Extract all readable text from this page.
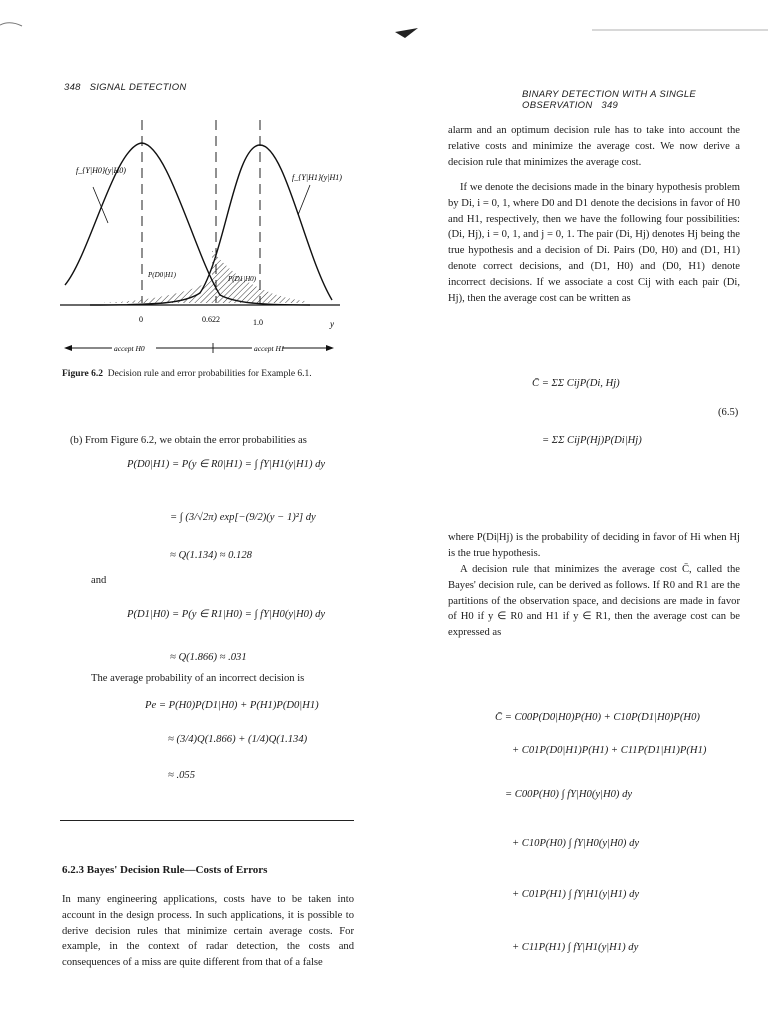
348 SIGNAL DETECTION
BINARY DETECTION WITH A SINGLE OBSERVATION 349
f_{Y|H0}(y|H0)
f_{Y|H1}(y|H1)
P(D0|H1)	P(D1|H0)
0	0.622	1.0	y
accept H0	accept H1
Figure 6.2 Decision rule and error probabilities for Example 6.1.
(b) From Figure 6.2, we obtain the error probabilities as
P(D0|H1) = P(y ∈ R0|H1) = ∫ fY|H1(y|H1) dy
= ∫ (3/√2π) exp[−(9/2)(y − 1)²] dy
≈ Q(1.134) ≈ 0.128
and
P(D1|H0) = P(y ∈ R1|H0) = ∫ fY|H0(y|H0) dy
≈ Q(1.866) ≈ .031
The average probability of an incorrect decision is
Pe = P(H0)P(D1|H0) + P(H1)P(D0|H1)
≈ (3/4)Q(1.866) + (1/4)Q(1.134)
≈ .055
6.2.3 Bayes' Decision Rule—Costs of Errors
In many engineering applications, costs have to be taken into account in the design process. In such applications, it is possible to derive decision rules that minimize certain average costs. For example, in the context of radar detection, the costs and consequences of a miss are quite different from that of a false
alarm and an optimum decision rule has to take into account the relative costs and minimize the average cost. We now derive a decision rule that minimizes the average cost.
If we denote the decisions made in the binary hypothesis problem by Di, i = 0, 1, where D0 and D1 denote the decisions in favor of H0 and H1, respectively, then we have the following four possibilities: (Di, Hj), i = 0, 1, and j = 0, 1. The pair (Di, Hj) denotes Hj being the true hypothesis and a decision of Di. Pairs (D0, H0) and (D1, H1) denote correct decisions, and (D1, H0) and (D0, H1) denote incorrect decisions. If we associate a cost Cij with each pair (Di, Hj), then the average cost can be written as
C̄ = ΣΣ CijP(Di, Hj)
(6.5)
= ΣΣ CijP(Hj)P(Di|Hj)
where P(Di|Hj) is the probability of deciding in favor of Hi when Hj is the true hypothesis.
A decision rule that minimizes the average cost C̄, called the Bayes' decision rule, can be derived as follows. If R0 and R1 are the partitions of the observation space, and decisions are made in favor of H0 if y ∈ R0 and H1 if y ∈ R1, then the average cost can be expressed as
C̄ = C00P(D0|H0)P(H0) + C10P(D1|H0)P(H0)
+ C01P(D0|H1)P(H1) + C11P(D1|H1)P(H1)
= C00P(H0) ∫ fY|H0(y|H0) dy
+ C10P(H0) ∫ fY|H0(y|H0) dy
+ C01P(H1) ∫ fY|H1(y|H1) dy
+ C11P(H1) ∫ fY|H1(y|H1) dy
